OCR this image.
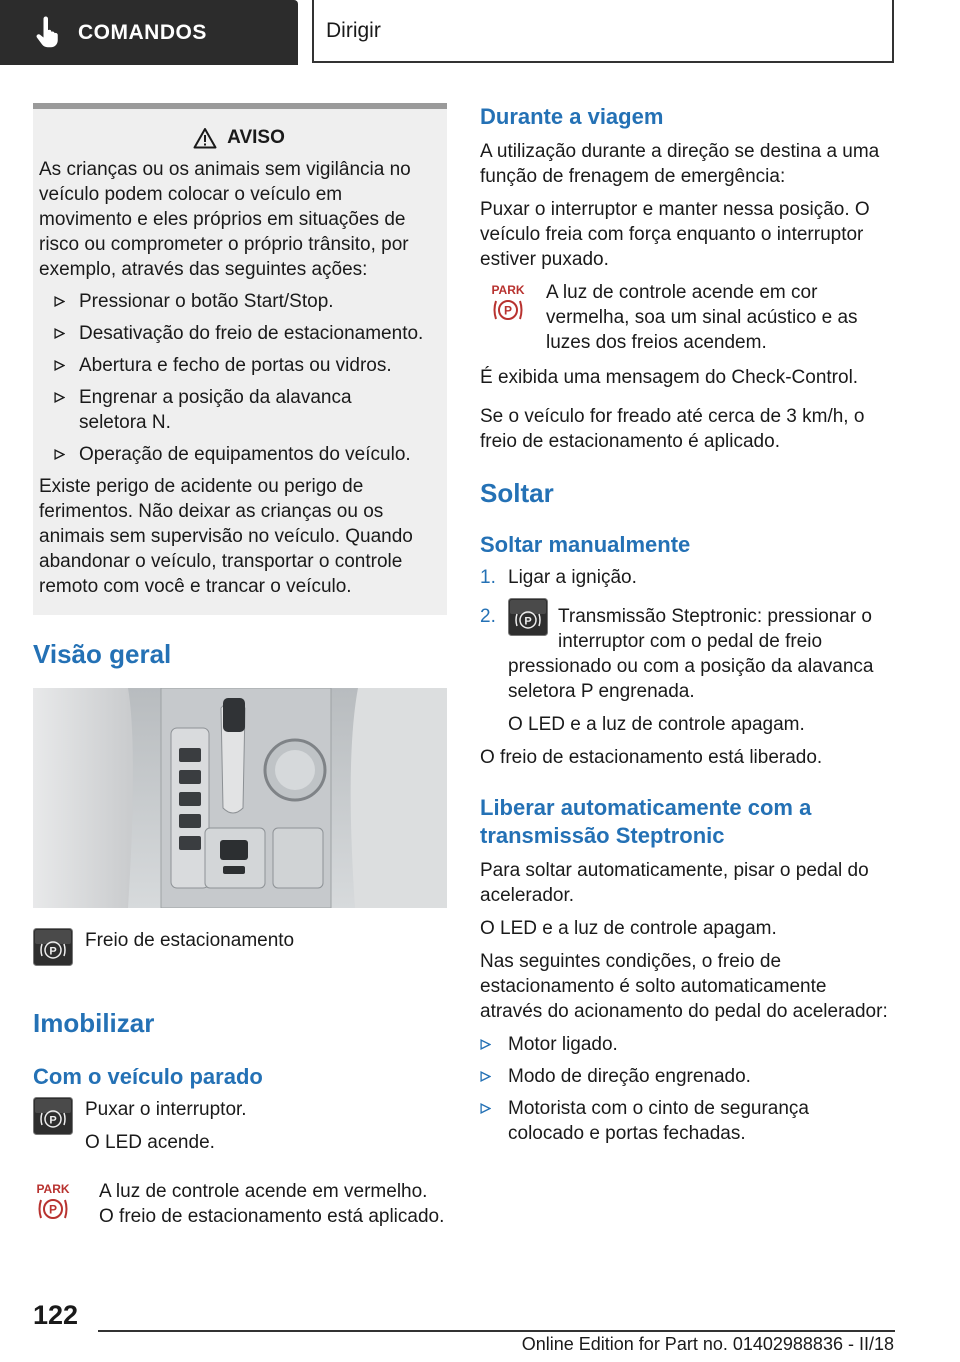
COMANDOS	Dirigir
AVISO

As crianças ou os animais sem vigilância no veículo podem colocar o veículo em movimento e eles próprios em situações de risco ou comprometer o próprio trânsito, por exemplo, através das seguintes ações:

Pressionar o botão Start/Stop.
Desativação do freio de estacionamento.
Abertura e fecho de portas ou vidros.
Engrenar a posição da alavanca seletora N.
Operação de equipamentos do veículo.

Existe perigo de acidente ou perigo de ferimentos. Não deixar as crianças ou os animais sem supervisão no veículo. Quando abandonar o veículo, transportar o controle remoto com você e trancar o veículo.

Visão geral
P

Freio de estacionamento

Imobilizar
Com o veículo parado
P

Puxar o interruptor.

O LED acende.

PARK
P

A luz de controle acende em vermelho. O freio de estacionamento está aplicado.

Durante a viagem

A utilização durante a direção se destina a uma função de frenagem de emergência:

Puxar o interruptor e manter nessa posição. O veículo freia com força enquanto o interruptor estiver puxado.

PARK
P

A luz de controle acende em cor vermelha, soa um sinal acústico e as luzes dos freios acendem.

É exibida uma mensagem do Check-Control.

Se o veículo for freado até cerca de 3 km/h, o freio de estacionamento é aplicado.

Soltar
Soltar manualmente
1. Ligar a ignição.
2.	P Transmissão Steptronic: pressionar o interruptor com o pedal de freio pressionado ou com a posição da alavanca seletora P engrenada.

O LED e a luz de controle apagam.

O freio de estacionamento está liberado.

Liberar automaticamente com a transmissão Steptronic

Para soltar automaticamente, pisar o pedal do acelerador.

O LED e a luz de controle apagam.

Nas seguintes condições, o freio de estacionamento é solto automaticamente através do acionamento do pedal do acelerador:

Motor ligado.
Modo de direção engrenado.
Motorista com o cinto de segurança colocado e portas fechadas.
122
Online Edition for Part no. 01402988836 - II/18
